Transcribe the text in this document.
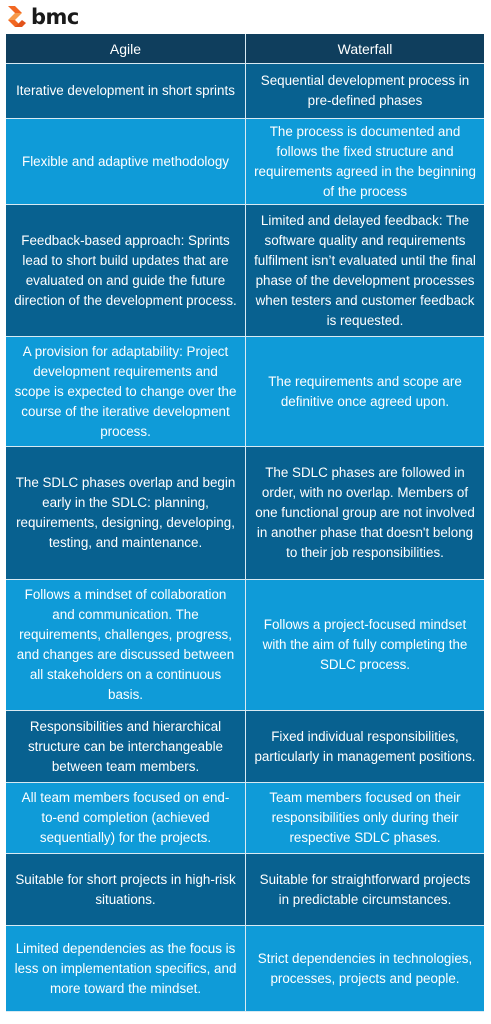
bmc
Agile	Waterfall
Iterative development in short sprints
Sequential development process in pre-defined phases
Flexible and adaptive methodology
The process is documented and follows the fixed structure and requirements agreed in the beginning of the process
Feedback-based approach: Sprints lead to short build updates that are evaluated on and guide the future direction of the development process.
Limited and delayed feedback: The software quality and requirements fulfilment isn’t evaluated until the final phase of the development processes when testers and customer feedback is requested.
A provision for adaptability: Project development requirements and scope is expected to change over the course of the iterative development process.
The requirements and scope are definitive once agreed upon.
The SDLC phases overlap and begin early in the SDLC: planning, requirements, designing, developing, testing, and maintenance.
The SDLC phases are followed in order, with no overlap. Members of one functional group are not involved in another phase that doesn't belong to their job responsibilities.
Follows a mindset of collaboration and communication. The requirements, challenges, progress, and changes are discussed between all stakeholders on a continuous basis.
Follows a project-focused mindset with the aim of fully completing the SDLC process.
Responsibilities and hierarchical structure can be interchangeable between team members.
Fixed individual responsibilities, particularly in management positions.
All team members focused on end-to-end completion (achieved sequentially) for the projects.
Team members focused on their responsibilities only during their respective SDLC phases.
Suitable for short projects in high-risk situations.
Suitable for straightforward projects in predictable circumstances.
Limited dependencies as the focus is less on implementation specifics, and more toward the mindset.
Strict dependencies in technologies, processes, projects and people.
